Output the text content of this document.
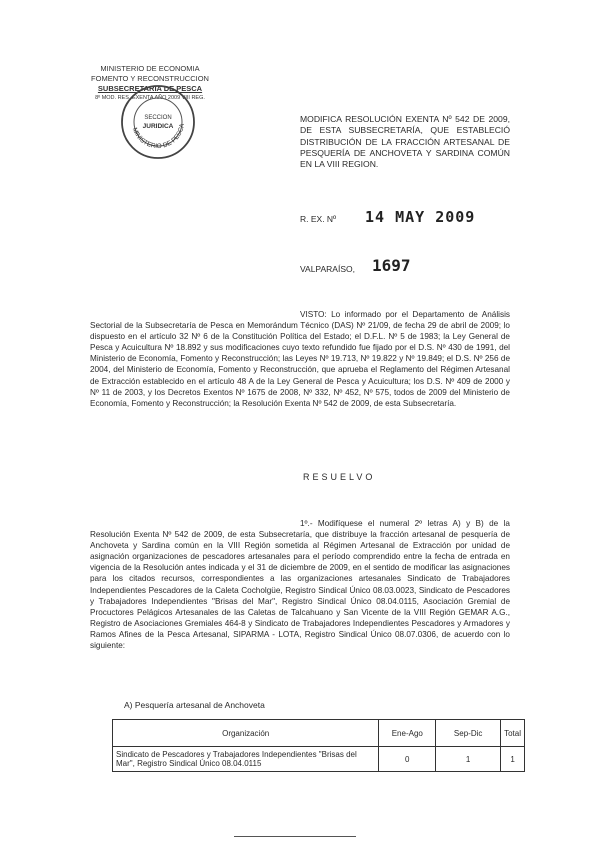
MINISTERIO DE ECONOMIA
FOMENTO Y RECONSTRUCCION
SUBSECRETARIA DE PESCA
8º MOD. RES. EXENTA AÑO 2009 VIII REG.
MINISTERIO DE PESCA
SECCION
JURIDICA
MODIFICA RESOLUCIÓN EXENTA Nº 542 DE 2009, DE ESTA SUBSECRETARÍA, QUE ESTABLECIÓ DISTRIBUCIÓN DE LA FRACCIÓN ARTESANAL DE PESQUERÍA DE ANCHOVETA Y SARDINA COMÚN EN LA VIII REGION.
R. EX. Nº 14 MAY 2009
VALPARAÍSO, 1697
VISTO: Lo informado por el Departamento de Análisis Sectorial de la Subsecretaría de Pesca en Memorándum Técnico (DAS) Nº 21/09, de fecha 29 de abril de 2009; lo dispuesto en el artículo 32 Nº 6 de la Constitución Política del Estado; el D.F.L. Nº 5 de 1983; la Ley General de Pesca y Acuicultura Nº 18.892 y sus modificaciones cuyo texto refundido fue fijado por el D.S. Nº 430 de 1991, del Ministerio de Economía, Fomento y Reconstrucción; las Leyes Nº 19.713, Nº 19.822 y Nº 19.849; el D.S. Nº 256 de 2004, del Ministerio de Economía, Fomento y Reconstrucción, que aprueba el Reglamento del Régimen Artesanal de Extracción establecido en el artículo 48 A de la Ley General de Pesca y Acuicultura; los D.S. Nº 409 de 2000 y Nº 11 de 2003, y los Decretos Exentos Nº 1675 de 2008, Nº 332, Nº 452, Nº 575, todos de 2009 del Ministerio de Economía, Fomento y Reconstrucción; la Resolución Exenta Nº 542 de 2009, de esta Subsecretaría.
RESUELVO
1º.- Modifíquese el numeral 2º letras A) y B) de la Resolución Exenta Nº 542 de 2009, de esta Subsecretaría, que distribuye la fracción artesanal de pesquería de Anchoveta y Sardina común en la VIII Región sometida al Régimen Artesanal de Extracción por unidad de asignación organizaciones de pescadores artesanales para el período comprendido entre la fecha de entrada en vigencia de la Resolución antes indicada y el 31 de diciembre de 2009, en el sentido de modificar las asignaciones para los citados recursos, correspondientes a las organizaciones artesanales Sindicato de Trabajadores Independientes Pescadores de la Caleta Cocholgüe, Registro Sindical Único 08.03.0023, Sindicato de Pescadores y Trabajadores Independientes "Brisas del Mar", Registro Sindical Único 08.04.0115, Asociación Gremial de Procuctores Pelágicos Artesanales de las Caletas de Talcahuano y San Vicente de la VIII Región GEMAR A.G., Registro de Asociaciones Gremiales 464-8 y Sindicato de Trabajadores Independientes Pescadores y Armadores y Ramos Afines de la Pesca Artesanal, SIPARMA - LOTA, Registro Sindical Único 08.07.0306, de acuerdo con lo siguiente:
A) Pesquería artesanal de Anchoveta
Organización	Ene-Ago	Sep-Dic	Total
Sindicato de Pescadores y Trabajadores Independientes "Brisas del Mar", Registro Sindical Único 08.04.0115	0	1	1
